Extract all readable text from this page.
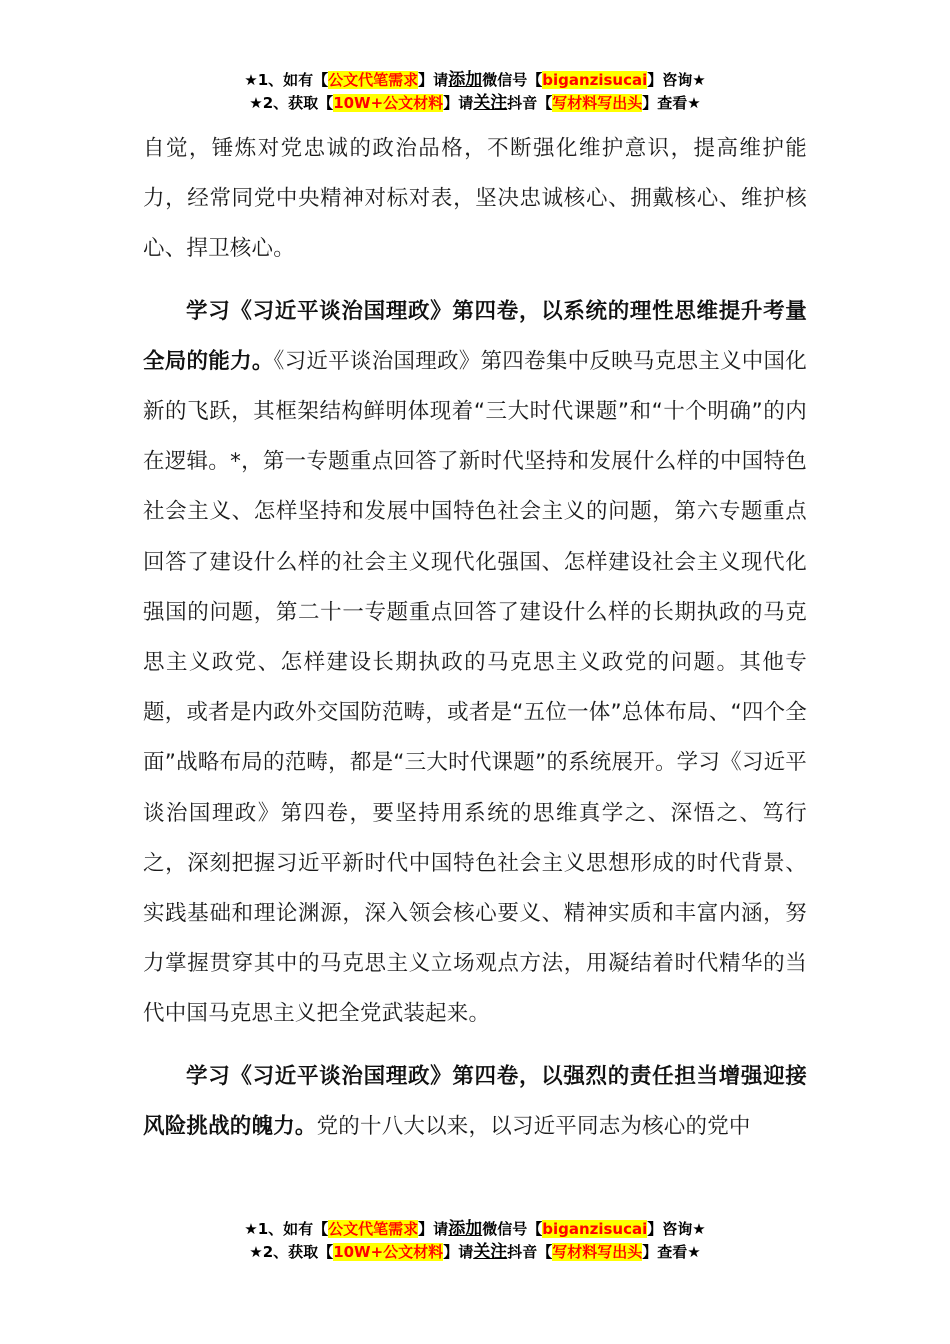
★1、如有【公文代笔需求】请添加微信号【biganzisucai】咨询★
★2、获取【10W+公文材料】请关注抖音【写材料写出头】查看★

自觉，锤炼对党忠诚的政治品格，不断强化维护意识，提高维护能力，经常同党中央精神对标对表，坚决忠诚核心、拥戴核心、维护核心、捍卫核心。

学习《习近平谈治国理政》第四卷，以系统的理性思维提升考量全局的能力。《习近平谈治国理政》第四卷集中反映马克思主义中国化新的飞跃，其框架结构鲜明体现着“三大时代课题”和“十个明确”的内在逻辑。*，第一专题重点回答了新时代坚持和发展什么样的中国特色社会主义、怎样坚持和发展中国特色社会主义的问题，第六专题重点回答了建设什么样的社会主义现代化强国、怎样建设社会主义现代化强国的问题，第二十一专题重点回答了建设什么样的长期执政的马克思主义政党、怎样建设长期执政的马克思主义政党的问题。其他专题，或者是内政外交国防范畴，或者是“五位一体”总体布局、“四个全面”战略布局的范畴，都是“三大时代课题”的系统展开。学习《习近平谈治国理政》第四卷，要坚持用系统的思维真学之、深悟之、笃行之，深刻把握习近平新时代中国特色社会主义思想形成的时代背景、实践基础和理论渊源，深入领会核心要义、精神实质和丰富内涵，努力掌握贯穿其中的马克思主义立场观点方法，用凝结着时代精华的当代中国马克思主义把全党武装起来。

学习《习近平谈治国理政》第四卷，以强烈的责任担当增强迎接风险挑战的魄力。党的十八大以来，以习近平同志为核心的党中

★1、如有【公文代笔需求】请添加微信号【biganzisucai】咨询★
★2、获取【10W+公文材料】请关注抖音【写材料写出头】查看★
